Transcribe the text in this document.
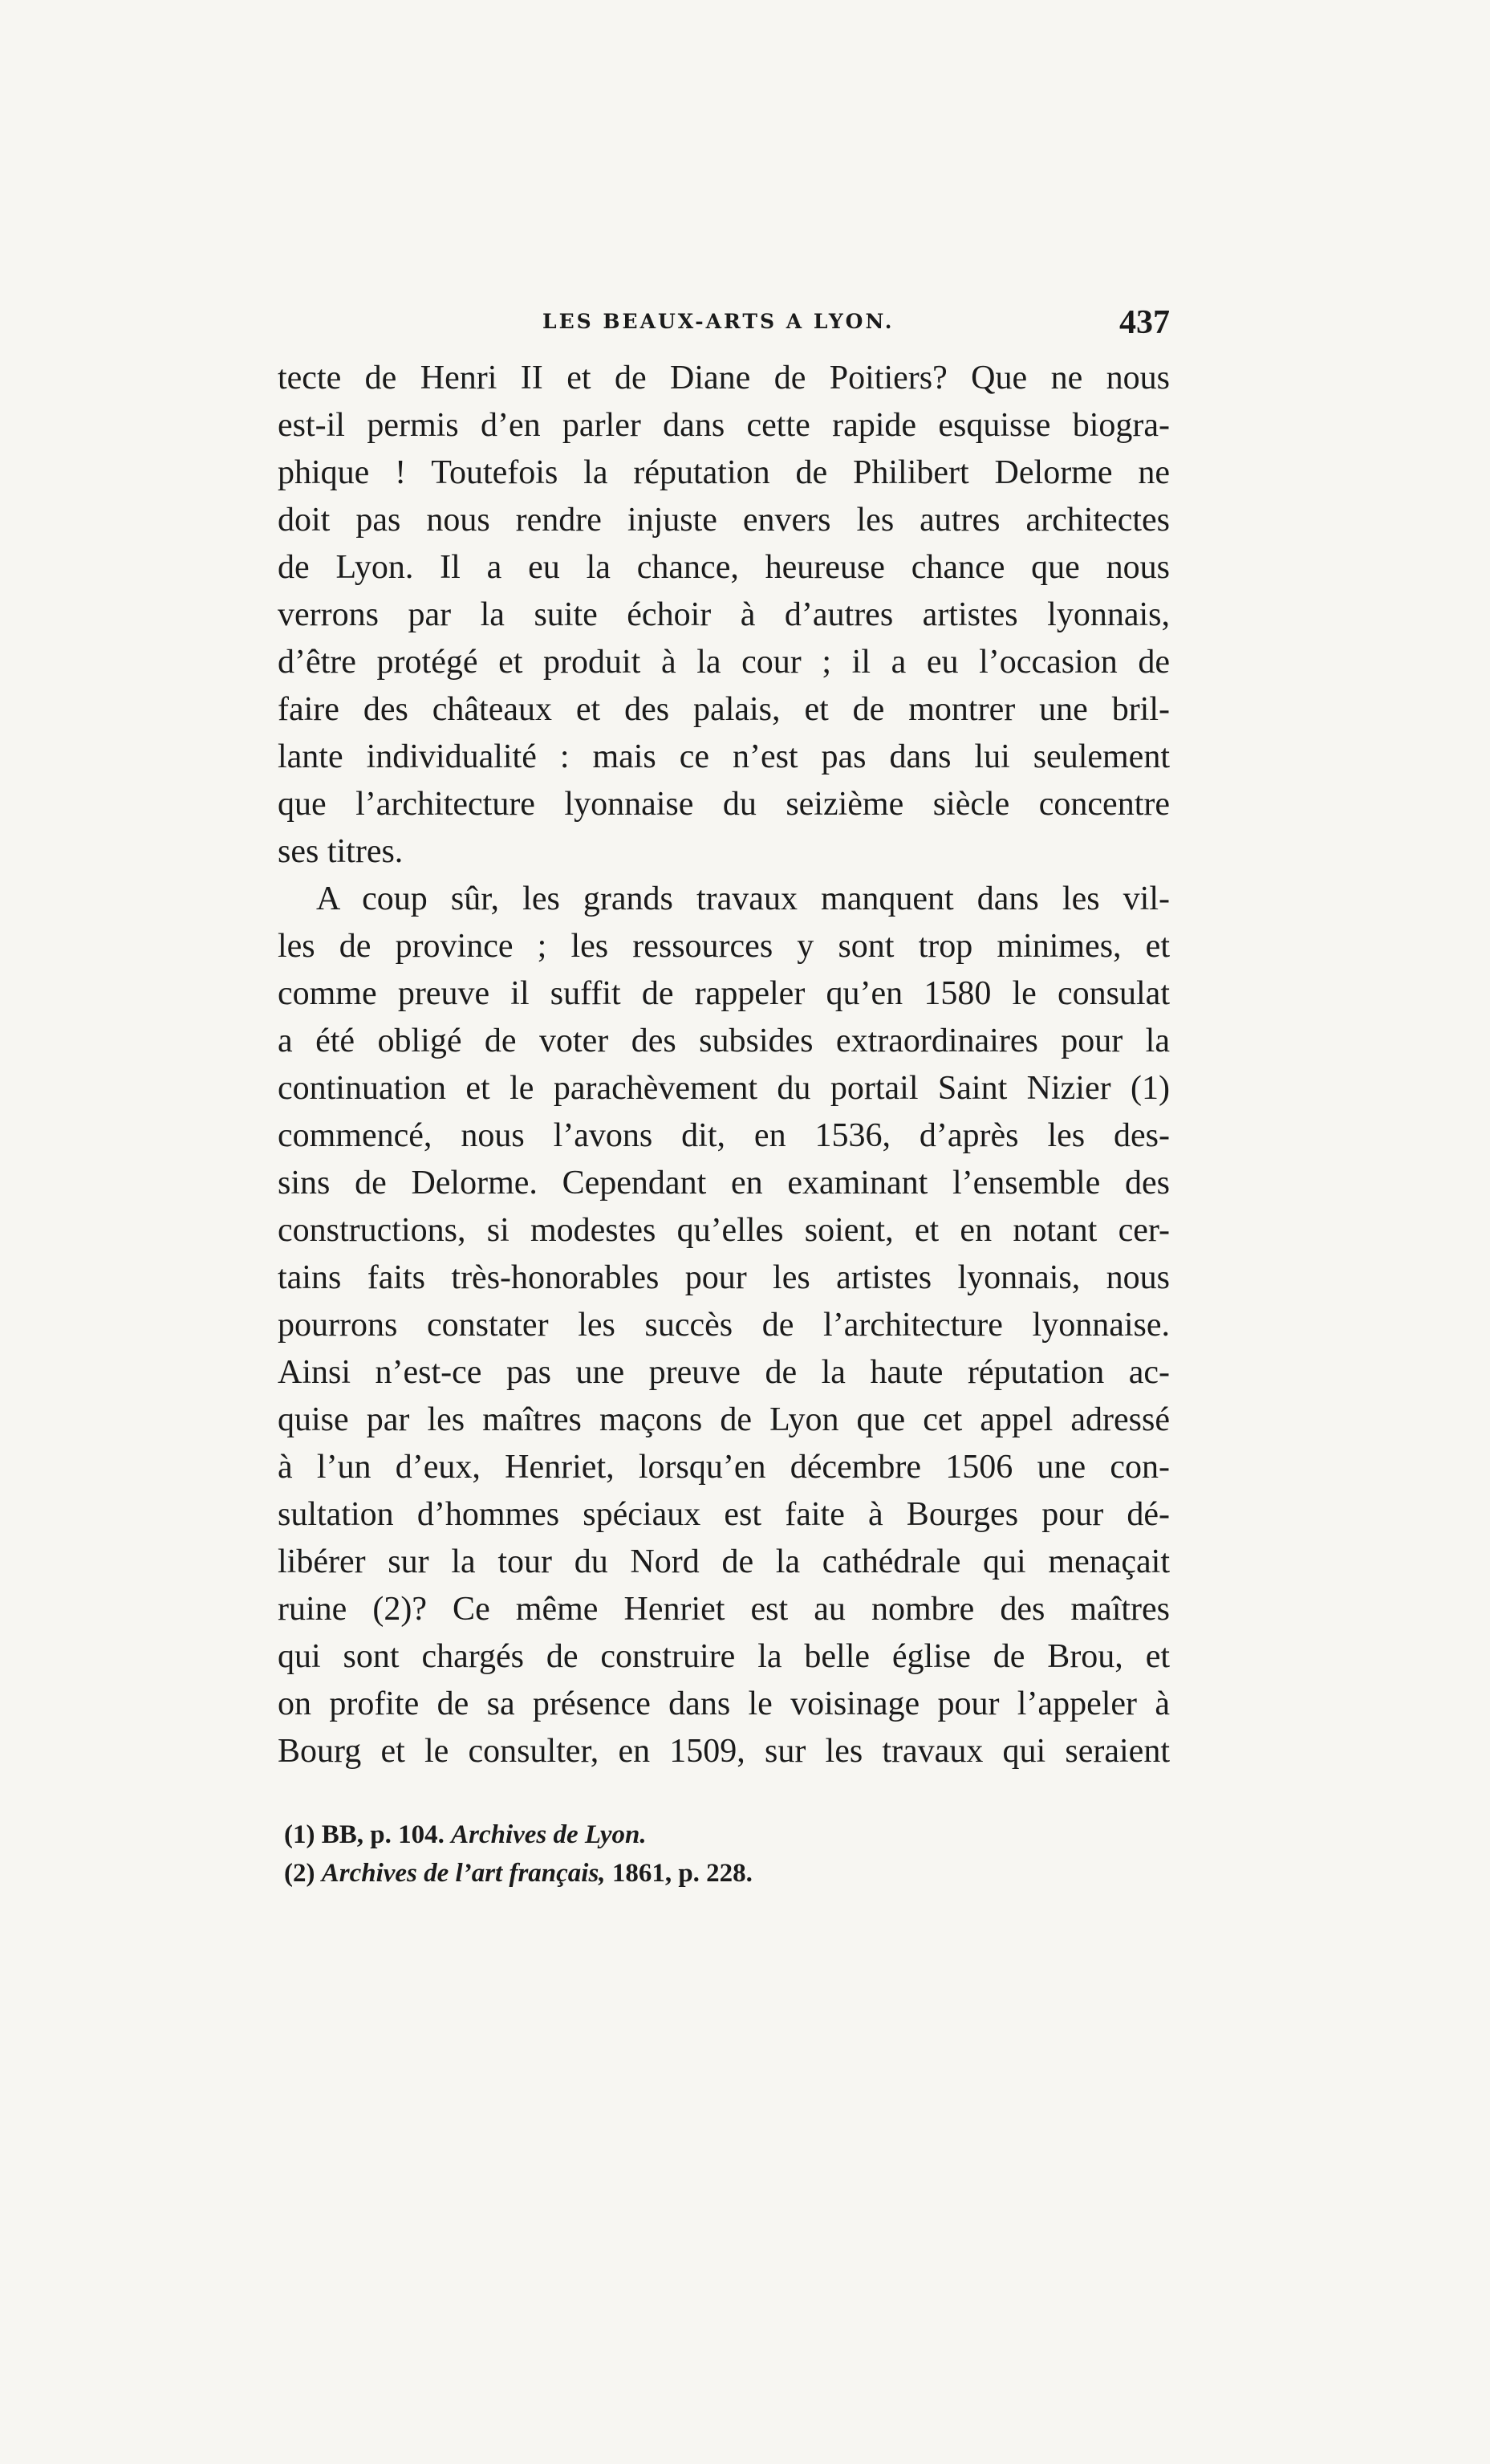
LES BEAUX-ARTS A LYON.	437
tecte de Henri II et de Diane de Poitiers? Que ne nous
est-il permis d’en parler dans cette rapide esquisse biogra-
phique ! Toutefois la réputation de Philibert Delorme ne
doit pas nous rendre injuste envers les autres architectes
de Lyon. Il a eu la chance, heureuse chance que nous
verrons par la suite échoir à d’autres artistes lyonnais,
d’être protégé et produit à la cour ; il a eu l’occasion de
faire des châteaux et des palais, et de montrer une bril-
lante individualité : mais ce n’est pas dans lui seulement
que l’architecture lyonnaise du seizième siècle concentre
ses titres.
A coup sûr, les grands travaux manquent dans les vil-
les de province ; les ressources y sont trop minimes, et
comme preuve il suffit de rappeler qu’en 1580 le consulat
a été obligé de voter des subsides extraordinaires pour la
continuation et le parachèvement du portail Saint Nizier (1)
commencé, nous l’avons dit, en 1536, d’après les des-
sins de Delorme. Cependant en examinant l’ensemble des
constructions, si modestes qu’elles soient, et en notant cer-
tains faits très-honorables pour les artistes lyonnais, nous
pourrons constater les succès de l’architecture lyonnaise.
Ainsi n’est-ce pas une preuve de la haute réputation ac-
quise par les maîtres maçons de Lyon que cet appel adressé
à l’un d’eux, Henriet, lorsqu’en décembre 1506 une con-
sultation d’hommes spéciaux est faite à Bourges pour dé-
libérer sur la tour du Nord de la cathédrale qui menaçait
ruine (2)? Ce même Henriet est au nombre des maîtres
qui sont chargés de construire la belle église de Brou, et
on profite de sa présence dans le voisinage pour l’appeler à
Bourg et le consulter, en 1509, sur les travaux qui seraient
(1) BB, p. 104. Archives de Lyon.
(2) Archives de l’art français, 1861, p. 228.
